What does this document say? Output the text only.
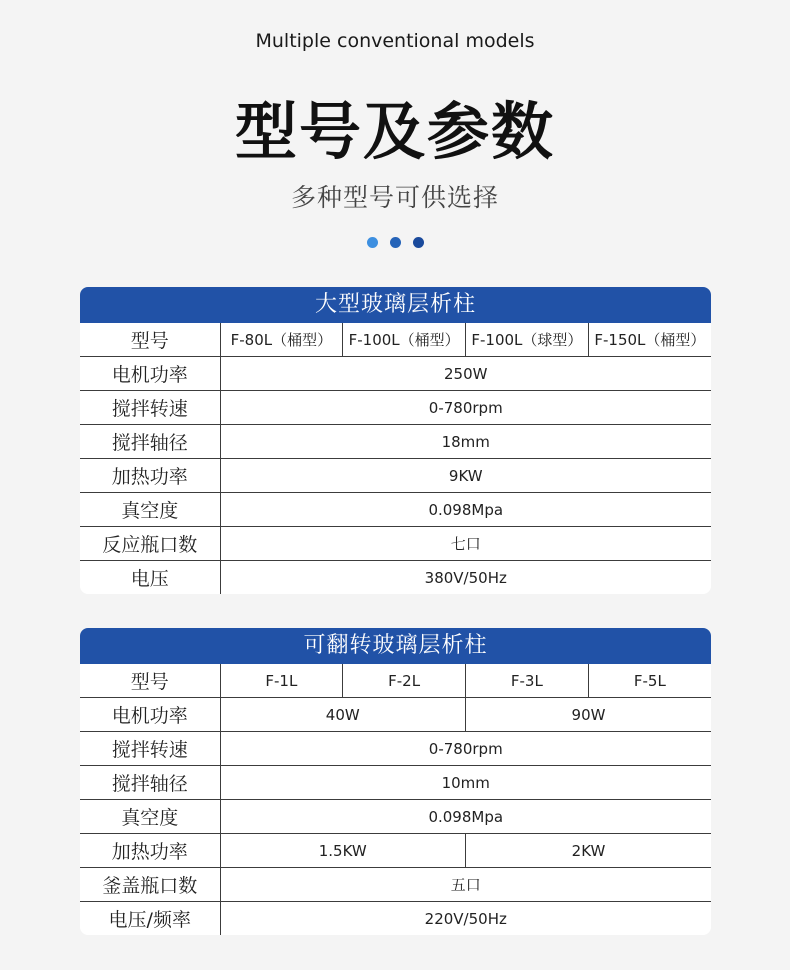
Multiple conventional models
型号及参数
多种型号可供选择
大型玻璃层析柱
型号	F-80L（桶型）	F-100L（桶型）	F-100L（球型）	F-150L（桶型）
电机功率	250W			
搅拌转速	0-780rpm			
搅拌轴径	18mm			
加热功率	9KW			
真空度	0.098Mpa			
反应瓶口数	七口			
电压	380V/50Hz			
可翻转玻璃层析柱
型号	F-1L	F-2L	F-3L	F-5L
电机功率	40W		90W	
搅拌转速	0-780rpm			
搅拌轴径	10mm			
真空度	0.098Mpa			
加热功率	1.5KW		2KW	
釜盖瓶口数	五口			
电压/频率	220V/50Hz			
